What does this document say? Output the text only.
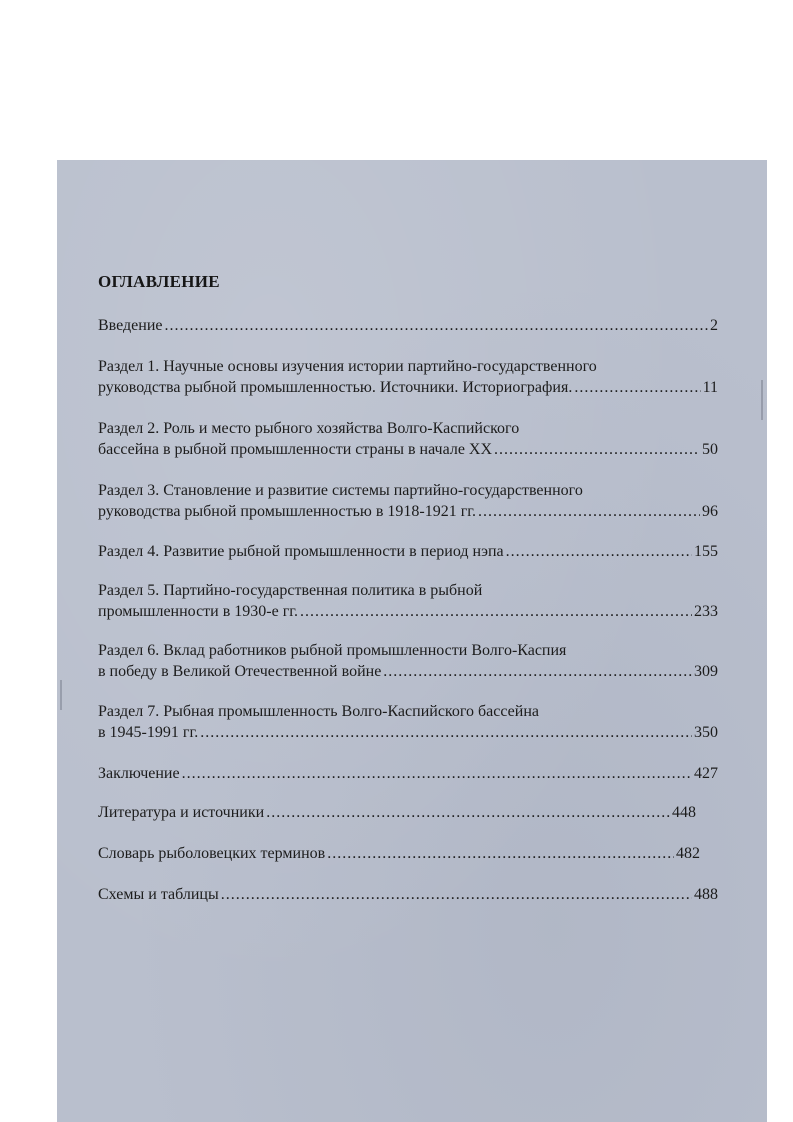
ОГЛАВЛЕНИЕ
Введение .....	2
Раздел 1. Научные основы изучения истории партийно-государственного
руководства рыбной промышленностью. Источники. Историография. .....	11
Раздел 2. Роль и место рыбного хозяйства Волго-Каспийского
бассейна в рыбной промышленности страны в начале XX .....	50
Раздел 3. Становление и развитие системы партийно-государственного
руководства рыбной промышленностью в 1918-1921 гг. .....	96
Раздел 4. Развитие рыбной промышленности в период нэпа .....	155
Раздел 5. Партийно-государственная политика в рыбной
промышленности в 1930-е гг. .....	233
Раздел 6. Вклад работников рыбной промышленности Волго-Каспия
в победу в Великой Отечественной войне .....	309
Раздел 7. Рыбная промышленность Волго-Каспийского бассейна
в 1945-1991 гг. .....	350
Заключение .....	427
Литература и источники .....	448
Словарь рыболовецких терминов .....	482
Схемы и таблицы .....	488
